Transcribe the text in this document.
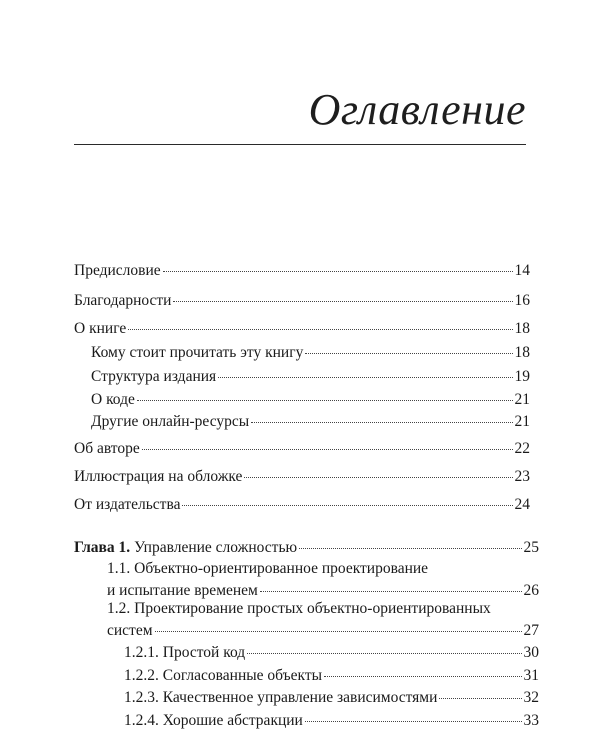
Оглавление
Предисловие	14
Благодарности	16
О книге	18
Кому стоит прочитать эту книгу	18
Структура издания	19
О коде	21
Другие онлайн-ресурсы	21
Об авторе	22
Иллюстрация на обложке	23
От издательства	24
Глава 1. Управление сложностью	25
1.1. Объектно-ориентированное проектирование
и испытание временем	26
1.2. Проектирование простых объектно-ориентированных
систем	27
1.2.1. Простой код	30
1.2.2. Согласованные объекты	31
1.2.3. Качественное управление зависимостями	32
1.2.4. Хорошие абстракции	33
